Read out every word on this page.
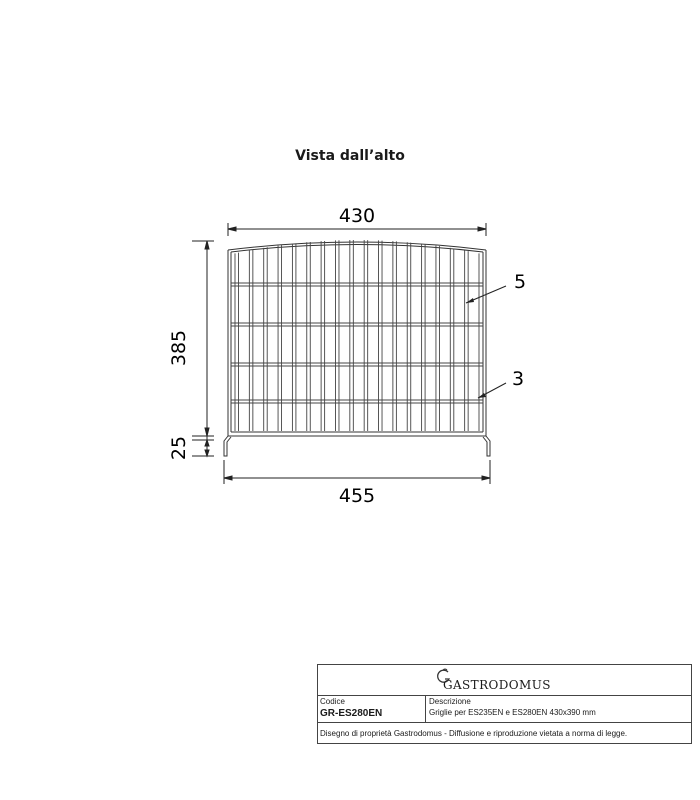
Vista dall’alto
430
385
25
455
5
3
GASTRODOMUS
Codice
GR-ES280EN
Descrizione
Griglie per ES235EN e ES280EN 430x390 mm
Disegno di proprietà Gastrodomus - Diffusione e riproduzione vietata a norma di legge.
